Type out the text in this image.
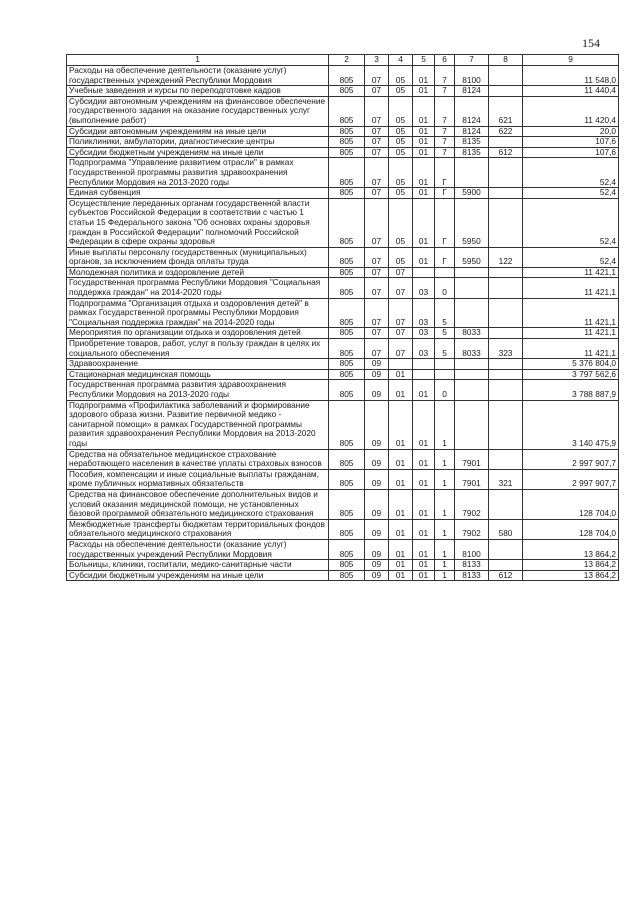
154
1	2	3	4	5	6	7	8	9
Расходы на обеспечение деятельности (оказание услуг) государственных учреждений Республики Мордовия	805	07	05	01	7	8100		11 548,0
Учебные заведения и курсы по переподготовке кадров	805	07	05	01	7	8124		11 440,4
Субсидии автономным учреждениям на финансовое обеспечение государственного задания на оказание государственных услуг (выполнение работ)	805	07	05	01	7	8124	621	11 420,4
Субсидии автономным учреждениям на иные цели	805	07	05	01	7	8124	622	20,0
Поликлиники, амбулатории, диагностические центры	805	07	05	01	7	8135		107,6
Субсидии бюджетным учреждениям на иные цели	805	07	05	01	7	8135	612	107,6
Подпрограмма "Управление развитием отрасли" в рамках Государственной программы развития здравоохранения Республики Мордовия на 2013-2020 годы	805	07	05	01	Г			52,4
Единая субвенция	805	07	05	01	Г	5900		52,4
Осуществление переданных органам государственной власти субъектов Российской Федерации в соответствии с частью 1 статьи 15 Федерального закона "Об основах охраны здоровья граждан в Российской Федерации" полномочий Российской Федерации в сфере охраны здоровья	805	07	05	01	Г	5950		52,4
Иные выплаты персоналу государственных (муниципальных) органов, за исключением фонда оплаты труда	805	07	05	01	Г	5950	122	52,4
Молодежная политика и оздоровление детей	805	07	07					11 421,1
Государственная программа Республики Мордовия "Социальная поддержка граждан" на 2014-2020 годы	805	07	07	03	0			11 421,1
Подпрограмма "Организация отдыха и оздоровления детей" в рамках Государственной программы Республики Мордовия "Социальная поддержка граждан" на 2014-2020 годы	805	07	07	03	5			11 421,1
Мероприятия по организации отдыха и оздоровления детей	805	07	07	03	5	8033		11 421,1
Приобретение товаров, работ, услуг в пользу граждан в целях их социального обеспечения	805	07	07	03	5	8033	323	11 421,1
Здравоохранение	805	09						5 376 804,0
Стационарная медицинская помощь	805	09	01					3 797 562,6
Государственная программа развития здравоохранения Республики Мордовия на 2013-2020 годы	805	09	01	01	0			3 788 887,9
Подпрограмма «Профилактика заболеваний и формирование здорового образа жизни. Развитие первичной медико - санитарной помощи» в рамках Государственной программы развития здравоохранения Республики Мордовия на 2013-2020 годы	805	09	01	01	1			3 140 475,9
Средства на обязательное медицинское страхование неработающего населения в качестве уплаты страховых взносов	805	09	01	01	1	7901		2 997 907,7
Пособия, компенсации и иные социальные выплаты гражданам, кроме публичных нормативных обязательств	805	09	01	01	1	7901	321	2 997 907,7
Средства на финансовое обеспечение дополнительных видов и условий оказания медицинской помощи, не установленных базовой программой обязательного медицинского страхования	805	09	01	01	1	7902		128 704,0
Межбюджетные трансферты бюджетам территориальных фондов обязательного медицинского страхования	805	09	01	01	1	7902	580	128 704,0
Расходы на обеспечение деятельности (оказание услуг) государственных учреждений Республики Мордовия	805	09	01	01	1	8100		13 864,2
Больницы, клиники, госпитали, медико-санитарные части	805	09	01	01	1	8133		13 864,2
Субсидии бюджетным учреждениям на иные цели	805	09	01	01	1	8133	612	13 864,2
